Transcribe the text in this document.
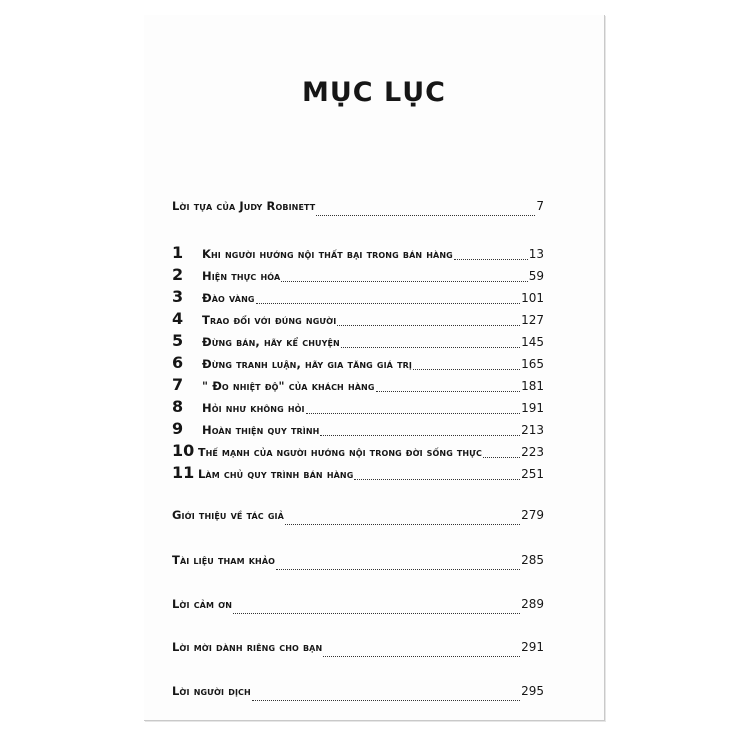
MỤC LỤC
Lời tựa của Judy Robinett	7
1	Khi người hướng nội thất bại trong bán hàng	13
2	Hiện thực hóa	59
3	Đào vàng	101
4	Trao đổi với đúng người	127
5	Đừng bán, hãy kể chuyện	145
6	Đừng tranh luận, hãy gia tăng giá trị	165
7	" Đo nhiệt độ" của khách hàng	181
8	Hỏi như không hỏi	191
9	Hoàn thiện quy trình	213
10 Thế mạnh của người hướng nội trong đời sống thực	223
11 Làm chủ quy trình bán hàng	251
Giới thiệu về tác giả	279
Tài liệu tham khảo	285
Lời cảm ơn	289
Lời mời dành riêng cho bạn	291
Lời người dịch	295
